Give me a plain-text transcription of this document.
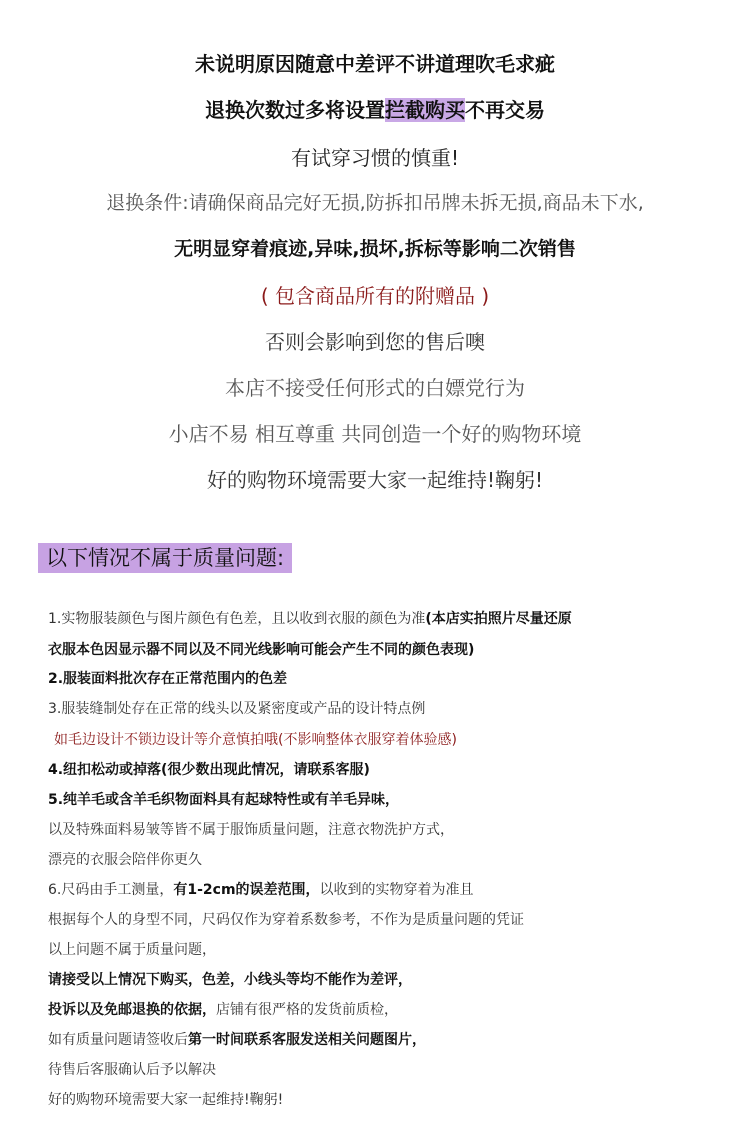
未说明原因随意中差评不讲道理吹毛求疵
退换次数过多将设置拦截购买不再交易
有试穿习惯的慎重!
退换条件:请确保商品完好无损,防拆扣吊牌未拆无损,商品未下水,
无明显穿着痕迹,异味,损坏,拆标等影响二次销售
( 包含商品所有的附赠品 )
否则会影响到您的售后噢
本店不接受任何形式的白嫖党行为
小店不易 相互尊重 共同创造一个好的购物环境
好的购物环境需要大家一起维持!鞠躬!
以下情况不属于质量问题:
1.实物服装颜色与图片颜色有色差，且以收到衣服的颜色为准(本店实拍照片尽量还原
衣服本色因显示器不同以及不同光线影响可能会产生不同的颜色表现)
2.服装面料批次存在正常范围内的色差
3.服装缝制处存在正常的线头以及紧密度或产品的设计特点例
如毛边设计不锁边设计等介意慎拍哦(不影响整体衣服穿着体验感)
4.纽扣松动或掉落(很少数出现此情况，请联系客服)
5.纯羊毛或含羊毛织物面料具有起球特性或有羊毛异味，
以及特殊面料易皱等皆不属于服饰质量问题，注意衣物洗护方式，
漂亮的衣服会陪伴你更久
6.尺码由手工测量，有1-2cm的误差范围，以收到的实物穿着为准且
根据每个人的身型不同，尺码仅作为穿着系数参考，不作为是质量问题的凭证
以上问题不属于质量问题，
请接受以上情况下购买，色差，小线头等均不能作为差评，
投诉以及免邮退换的依据，店铺有很严格的发货前质检，
如有质量问题请签收后第一时间联系客服发送相关问题图片，
待售后客服确认后予以解决
好的购物环境需要大家一起维持!鞠躬!
